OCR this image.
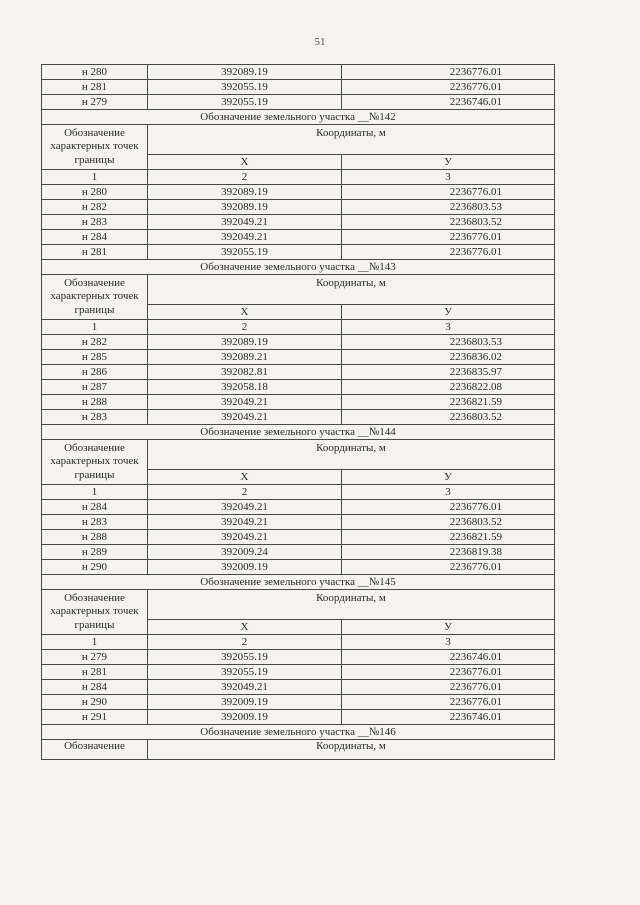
51
н 280	392089.19	2236776.01
н 281	392055.19	2236776.01
н 279	392055.19	2236746.01
Обозначение земельного участка __№142		
Обозначение характерных точек границы	Координаты, м	
	Х	У
1	2	3
н 280	392089.19	2236776.01
н 282	392089.19	2236803.53
н 283	392049.21	2236803.52
н 284	392049.21	2236776.01
н 281	392055.19	2236776.01
Обозначение земельного участка __№143		
Обозначение характерных точек границы	Координаты, м	
	Х	У
1	2	3
н 282	392089.19	2236803.53
н 285	392089.21	2236836.02
н 286	392082.81	2236835.97
н 287	392058.18	2236822.08
н 288	392049.21	2236821.59
н 283	392049.21	2236803.52
Обозначение земельного участка __№144		
Обозначение характерных точек границы	Координаты, м	
	Х	У
1	2	3
н 284	392049.21	2236776.01
н 283	392049.21	2236803.52
н 288	392049.21	2236821.59
н 289	392009.24	2236819.38
н 290	392009.19	2236776.01
Обозначение земельного участка __№145		
Обозначение характерных точек границы	Координаты, м	
	Х	У
1	2	3
н 279	392055.19	2236746.01
н 281	392055.19	2236776.01
н 284	392049.21	2236776.01
н 290	392009.19	2236776.01
н 291	392009.19	2236746.01
Обозначение земельного участка __№146		
Обозначение	Координаты, м	
